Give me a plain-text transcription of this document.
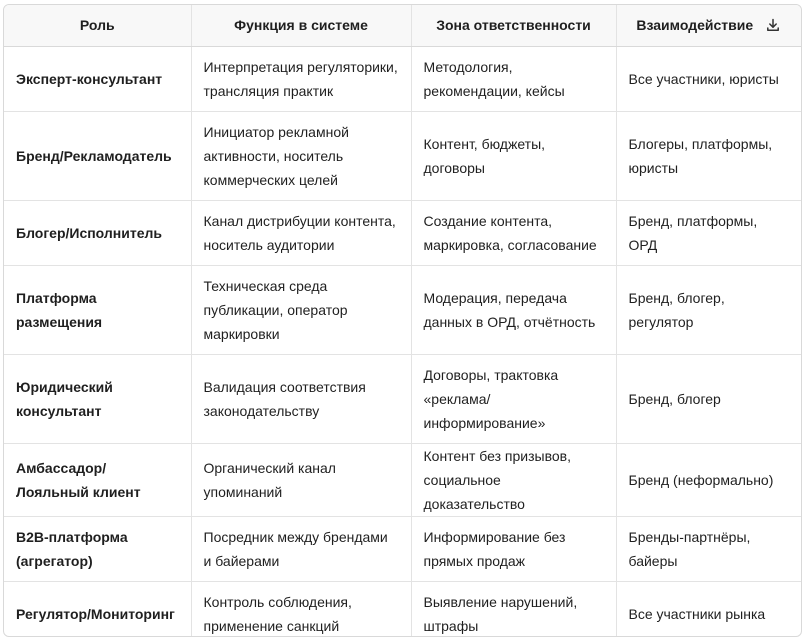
Роль	Функция в системе	Зона ответственности	Взаимодействие

Эксперт-консультант	Интерпретация регуляторики, трансляция практик	Методология, рекомендации, кейсы	Все участники, юристы
Бренд/Рекламодатель	Инициатор рекламной активности, носитель коммерческих целей	Контент, бюджеты, договоры	Блогеры, платформы, юристы
Блогер/Исполнитель	Канал дистрибуции контента, носитель аудитории	Создание контента, маркировка, согласование	Бренд, платформы, ОРД
Платформа размещения	Техническая среда публикации, оператор маркировки	Модерация, передача данных в ОРД, отчётность	Бренд, блогер, регулятор
Юридический консультант	Валидация соответствия законодательству	Договоры, трактовка «реклама/информирование»	Бренд, блогер
Амбассадор/Лояльный клиент	Органический канал упоминаний	Контент без призывов, социальное доказательство	Бренд (неформально)
B2B-платформа (агрегатор)	Посредник между брендами и байерами	Информирование без прямых продаж	Бренды-партнёры, байеры
Регулятор/Мониторинг	Контроль соблюдения, применение санкций	Выявление нарушений, штрафы	Все участники рынка
